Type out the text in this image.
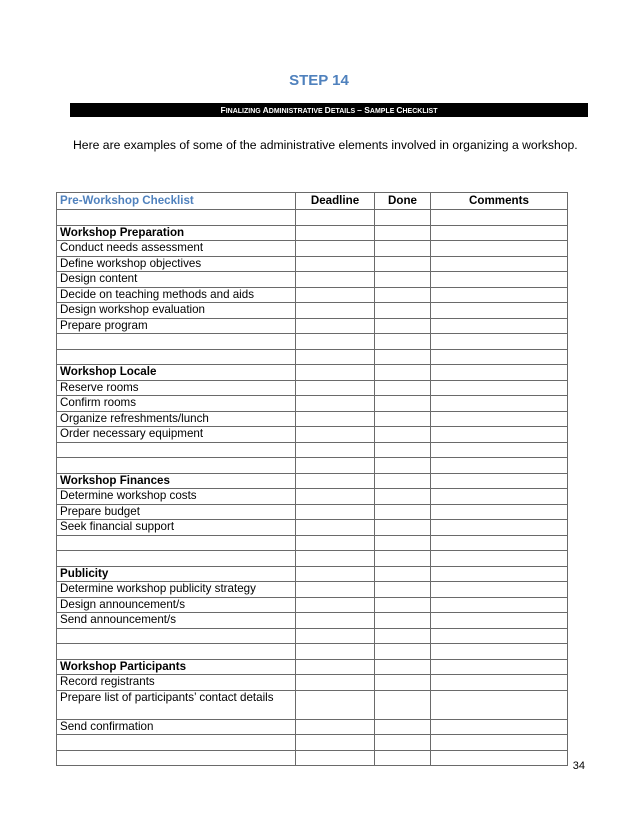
STEP 14
FINALIZING ADMINISTRATIVE DETAILS – SAMPLE CHECKLIST
Here are examples of some of the administrative elements involved in organizing a workshop.
Pre-Workshop Checklist	Deadline	Done	Comments

Workshop Preparation			
Conduct needs assessment			
Define workshop objectives			
Design content			
Decide on teaching methods and aids			
Design workshop evaluation			
Prepare program			

Workshop Locale			
Reserve rooms			
Confirm rooms			
Organize refreshments/lunch			
Order necessary equipment			

Workshop Finances			
Determine workshop costs			
Prepare budget			
Seek financial support			

Publicity			
Determine workshop publicity strategy			
Design announcement/s			
Send announcement/s			

Workshop Participants			
Record registrants			
Prepare list of participants’ contact details			
Send confirmation			

34
